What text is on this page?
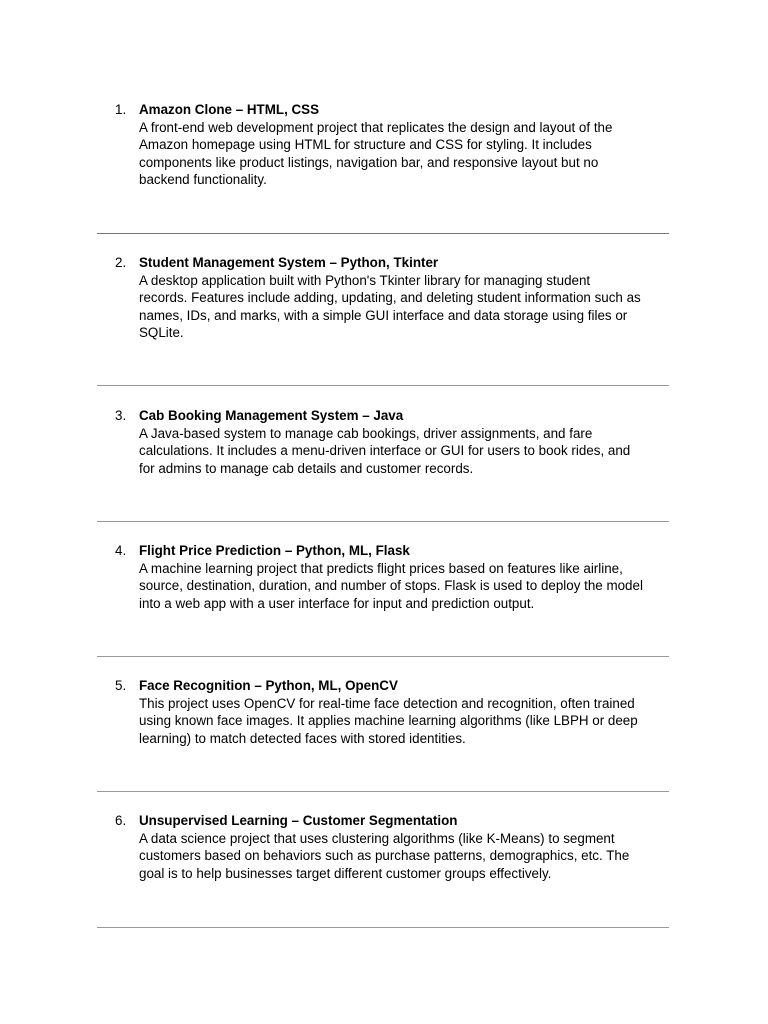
1. Amazon Clone – HTML, CSS
A front-end web development project that replicates the design and layout of the
Amazon homepage using HTML for structure and CSS for styling. It includes
components like product listings, navigation bar, and responsive layout but no
backend functionality.
2. Student Management System – Python, Tkinter
A desktop application built with Python's Tkinter library for managing student
records. Features include adding, updating, and deleting student information such as
names, IDs, and marks, with a simple GUI interface and data storage using files or
SQLite.
3. Cab Booking Management System – Java
A Java-based system to manage cab bookings, driver assignments, and fare
calculations. It includes a menu-driven interface or GUI for users to book rides, and
for admins to manage cab details and customer records.
4. Flight Price Prediction – Python, ML, Flask
A machine learning project that predicts flight prices based on features like airline,
source, destination, duration, and number of stops. Flask is used to deploy the model
into a web app with a user interface for input and prediction output.
5. Face Recognition – Python, ML, OpenCV
This project uses OpenCV for real-time face detection and recognition, often trained
using known face images. It applies machine learning algorithms (like LBPH or deep
learning) to match detected faces with stored identities.
6. Unsupervised Learning – Customer Segmentation
A data science project that uses clustering algorithms (like K-Means) to segment
customers based on behaviors such as purchase patterns, demographics, etc. The
goal is to help businesses target different customer groups effectively.
